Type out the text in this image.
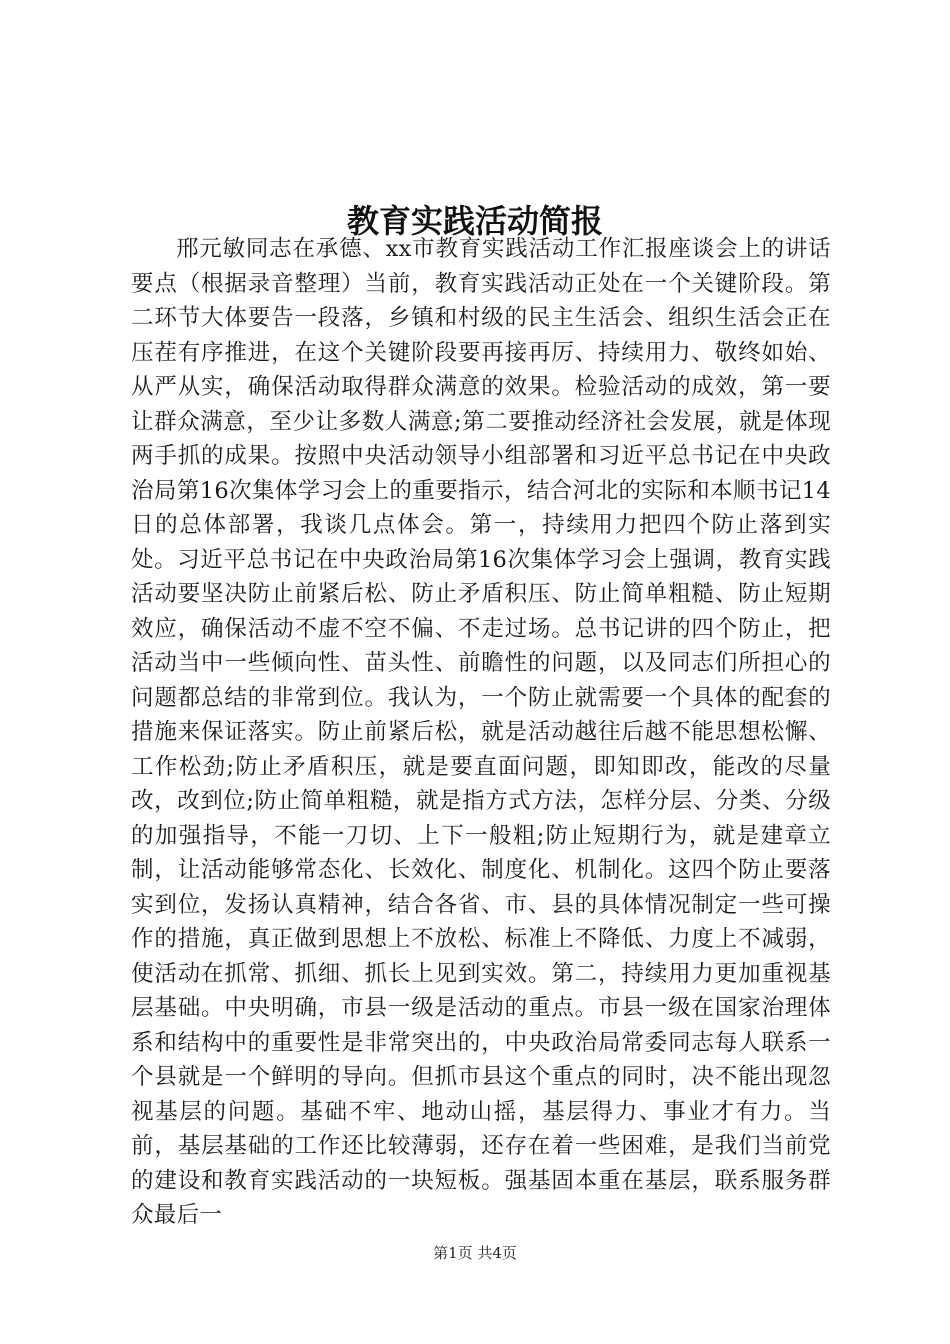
教育实践活动简报

邢元敏同志在承德、xx市教育实践活动工作汇报座谈会上的讲话要点（根据录音整理）当前，教育实践活动正处在一个关键阶段。第二环节大体要告一段落，乡镇和村级的民主生活会、组织生活会正在压茬有序推进，在这个关键阶段要再接再厉、持续用力、敬终如始、从严从实，确保活动取得群众满意的效果。检验活动的成效，第一要让群众满意，至少让多数人满意;第二要推动经济社会发展，就是体现两手抓的成果。按照中央活动领导小组部署和习近平总书记在中央政治局第16次集体学习会上的重要指示，结合河北的实际和本顺书记14日的总体部署，我谈几点体会。第一，持续用力把四个防止落到实处。习近平总书记在中央政治局第16次集体学习会上强调，教育实践活动要坚决防止前紧后松、防止矛盾积压、防止简单粗糙、防止短期效应，确保活动不虚不空不偏、不走过场。总书记讲的四个防止，把活动当中一些倾向性、苗头性、前瞻性的问题，以及同志们所担心的问题都总结的非常到位。我认为，一个防止就需要一个具体的配套的措施来保证落实。防止前紧后松，就是活动越往后越不能思想松懈、工作松劲;防止矛盾积压，就是要直面问题，即知即改，能改的尽量改，改到位;防止简单粗糙，就是指方式方法，怎样分层、分类、分级的加强指导，不能一刀切、上下一般粗;防止短期行为，就是建章立制，让活动能够常态化、长效化、制度化、机制化。这四个防止要落实到位，发扬认真精神，结合各省、市、县的具体情况制定一些可操作的措施，真正做到思想上不放松、标准上不降低、力度上不减弱，使活动在抓常、抓细、抓长上见到实效。第二，持续用力更加重视基层基础。中央明确，市县一级是活动的重点。市县一级在国家治理体系和结构中的重要性是非常突出的，中央政治局常委同志每人联系一个县就是一个鲜明的导向。但抓市县这个重点的同时，决不能出现忽视基层的问题。基础不牢、地动山摇，基层得力、事业才有力。当前，基层基础的工作还比较薄弱，还存在着一些困难，是我们当前党的建设和教育实践活动的一块短板。强基固本重在基层，联系服务群众最后一

第1页 共4页
